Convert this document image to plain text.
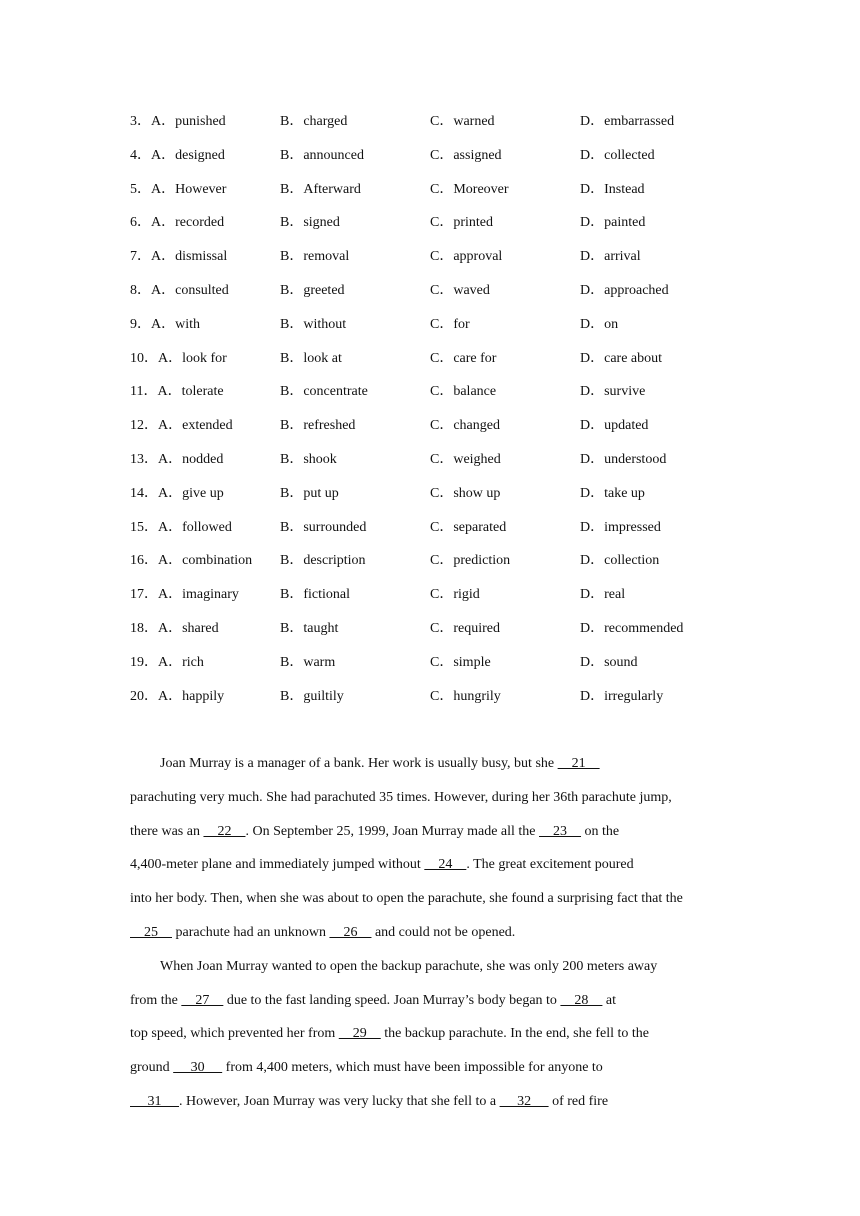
3．A．punished	B．charged	C．warned	D．embarrassed
4．A．designed	B．announced	C．assigned	D．collected
5．A．However	B．Afterward	C．Moreover	D．Instead
6．A．recorded	B．signed	C．printed	D．painted
7．A．dismissal	B．removal	C．approval	D．arrival
8．A．consulted	B．greeted	C．waved	D．approached
9．A．with	B．without	C．for	D．on
10．A．look for	B．look at	C．care for	D．care about
11．A．tolerate	B．concentrate	C．balance	D．survive
12．A．extended	B．refreshed	C．changed	D．updated
13．A．nodded	B．shook	C．weighed	D．understood
14．A．give up	B．put up	C．show up	D．take up
15．A．followed	B．surrounded	C．separated	D．impressed
16．A．combination B．description	C．prediction	D．collection
17．A．imaginary	B．fictional	C．rigid	D．real
18．A．shared	B．taught	C．required	D．recommended
19．A．rich	B．warm	C．simple	D．sound
20．A．happily	B．guiltily	C．hungrily	D．irregularly
Joan Murray is a manager of a bank. Her work is usually busy, but she     21
parachuting very much. She had parachuted 35 times. However, during her 36th parachute jump,
there was an     22    . On September 25, 1999, Joan Murray made all the     23     on the
4,400-meter plane and immediately jumped without     24    . The great excitement poured
into her body. Then, when she was about to open the parachute, she found a surprising fact that the
25     parachute had an unknown     26     and could not be opened.
When Joan Murray wanted to open the backup parachute, she was only 200 meters away
from the     27     due to the fast landing speed. Joan Murray’s body began to     28     at
top speed, which prevented her from     29     the backup parachute. In the end, she fell to the
ground      30      from 4,400 meters, which must have been impossible for anyone to
31     . However, Joan Murray was very lucky that she fell to a      32      of red fire
